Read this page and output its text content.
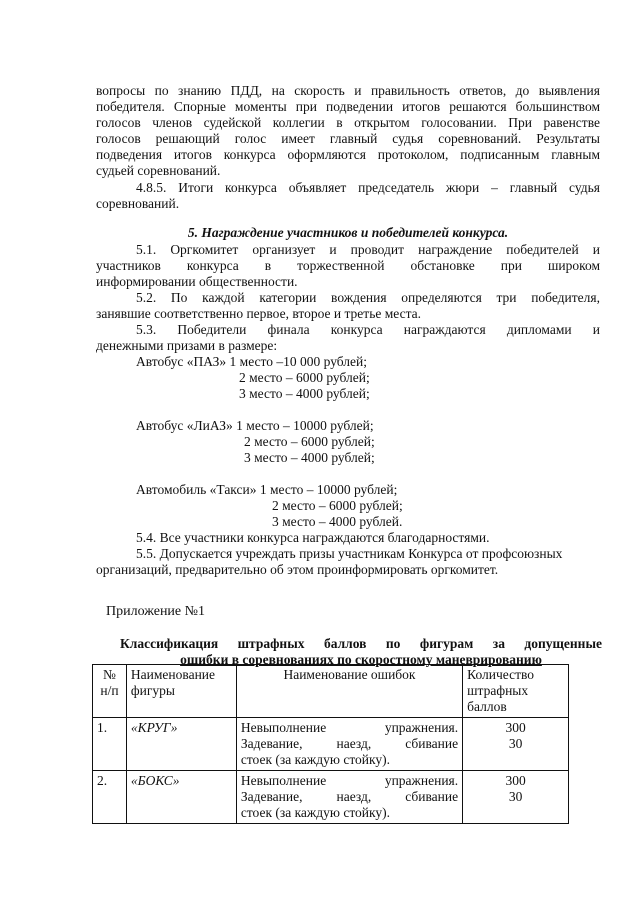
вопросы по знанию ПДД, на скорость и правильность ответов, до выявления
победителя. Спорные моменты при подведении итогов решаются большинством
голосов членов судейской коллегии в открытом голосовании. При равенстве
голосов решающий голос имеет главный судья соревнований. Результаты
подведения итогов конкурса оформляются протоколом, подписанным главным
судьей соревнований.
4.8.5. Итоги конкурса объявляет председатель жюри – главный судья
соревнований.
5. Награждение участников и победителей конкурса.
5.1. Оргкомитет организует и проводит награждение победителей и
участников конкурса в торжественной обстановке при широком
информировании общественности.
5.2. По каждой категории вождения определяются три победителя,
занявшие соответственно первое, второе и третье места.
5.3. Победители финала конкурса награждаются дипломами и
денежными призами в размере:
Автобус «ПАЗ» 1 место –10 000 рублей;
2 место – 6000 рублей;
3 место – 4000 рублей;
Автобус «ЛиАЗ» 1 место – 10000 рублей;
2 место – 6000 рублей;
3 место – 4000 рублей;
Автомобиль «Такси» 1 место – 10000 рублей;
2 место – 6000 рублей;
3 место – 4000 рублей.
5.4. Все участники конкурса награждаются благодарностями.
5.5. Допускается учреждать призы участникам Конкурса от профсоюзных
организаций, предварительно об этом проинформировать оргкомитет.
Приложение №1
Классификация штрафных баллов по фигурам за допущенные
ошибки в соревнованиях по скоростному маневрированию
№ н/п	Наименование фигуры	Наименование ошибок	Количество штрафных баллов
1.	«КРУГ»	Невыполнение упражнения.
Задевание, наезд, сбивание
стоек (за каждую стойку).	300
30

2.	«БОКС»	Невыполнение упражнения.
Задевание, наезд, сбивание
стоек (за каждую стойку).	300
30
